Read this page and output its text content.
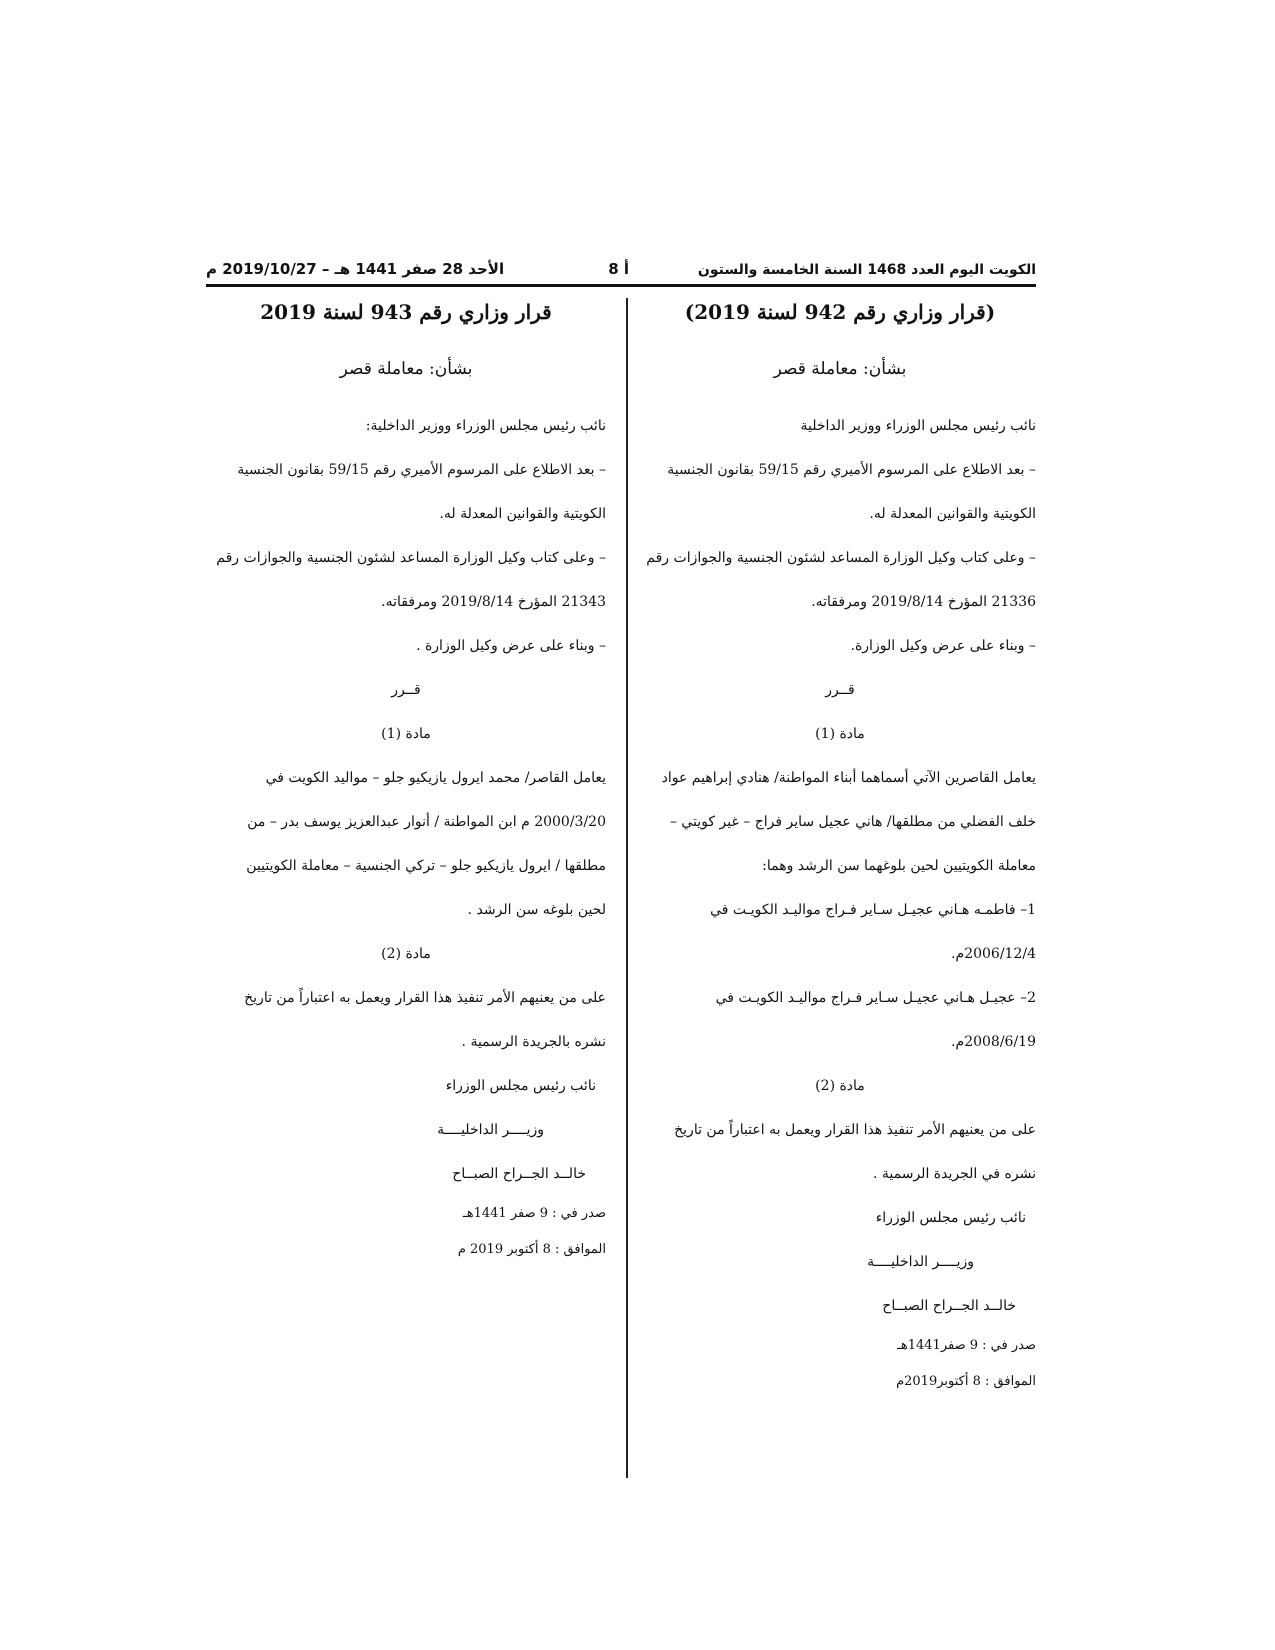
الكويت اليوم العدد 1468 السنة الخامسة والستون
أ 8
الأحد 28 صفر 1441 هـ – 2019/10/27 م
(قرار وزاري رقم 942 لسنة 2019)
بشأن: معاملة قصر
نائب رئيس مجلس الوزراء ووزير الداخلية
– بعد الاطلاع على المرسوم الأميري رقم 59/15 بقانون الجنسية
الكويتية والقوانين المعدلة له.
– وعلى كتاب وكيل الوزارة المساعد لشئون الجنسية والجوازات رقم
21336 المؤرخ 2019/8/14 ومرفقاته.
– وبناء على عرض وكيل الوزارة.
قــرر
مادة (1)
يعامل القاصرين الآتي أسماهما أبناء المواطنة/ هنادي إبراهيم عواد
خلف الفضلي من مطلقها/ هاني عجيل ساير فراج – غير كويتي –
معاملة الكويتيين لحين بلوغهما سن الرشد وهما:
1– فاطمـه هـاني عجيـل سـاير فـراج مواليـد الكويـت في
2006/12/4م.
2– عجيـل هـاني عجيـل سـاير فـراج مواليـد الكويـت في
2008/6/19م.
مادة (2)
على من يعنيهم الأمر تنفيذ هذا القرار ويعمل به اعتباراً من تاريخ
نشره في الجريدة الرسمية .
نائب رئيس مجلس الوزراء
وزيــــر الداخليــــة
خالــد الجــراح الصبــاح
صدر في : 9 صفر1441هـ
الموافق : 8 أكتوبر2019م
قرار وزاري رقم 943 لسنة 2019
بشأن: معاملة قصر
نائب رئيس مجلس الوزراء ووزير الداخلية:
– بعد الاطلاع على المرسوم الأميري رقم 59/15 بقانون الجنسية
الكويتية والقوانين المعدلة له.
– وعلى كتاب وكيل الوزارة المساعد لشئون الجنسية والجوازات رقم
21343 المؤرخ 2019/8/14 ومرفقاته.
– وبناء على عرض وكيل الوزارة .
قــرر
مادة (1)
يعامل القاصر/ محمد ايرول يازيكيو جلو – مواليد الكويت في
2000/3/20 م ابن المواطنة / أنوار عبدالعزيز يوسف بدر – من
مطلقها / ايرول يازيكيو جلو – تركي الجنسية – معاملة الكويتيين
لحين بلوغه سن الرشد .
مادة (2)
على من يعنيهم الأمر تنفيذ هذا القرار ويعمل به اعتباراً من تاريخ
نشره بالجريدة الرسمية .
نائب رئيس مجلس الوزراء
وزيــــر الداخليــــة
خالــد الجــراح الصبــاح
صدر في : 9 صفر 1441هـ
الموافق : 8 أكتوبر 2019 م
